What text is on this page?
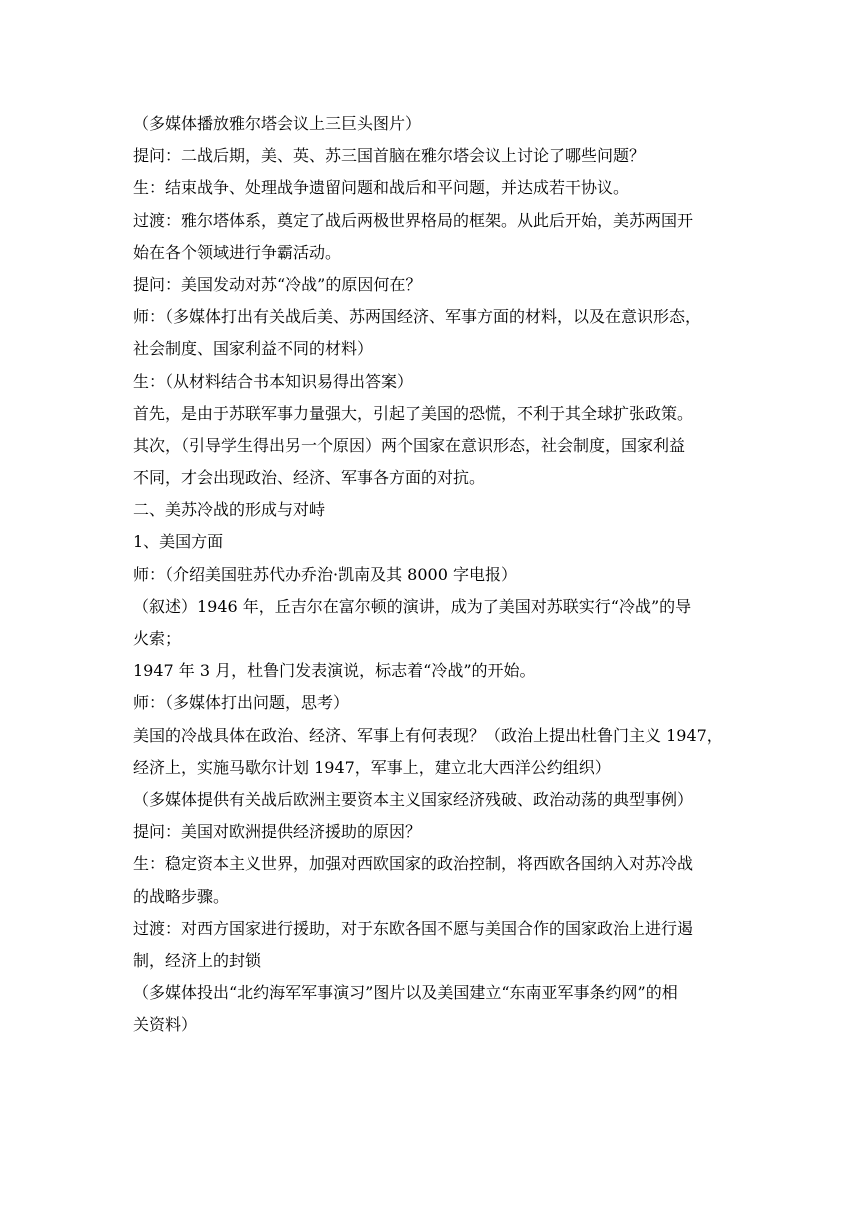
（多媒体播放雅尔塔会议上三巨头图片）
提问：二战后期，美、英、苏三国首脑在雅尔塔会议上讨论了哪些问题？
生：结束战争、处理战争遗留问题和战后和平问题，并达成若干协议。
过渡：雅尔塔体系，奠定了战后两极世界格局的框架。从此后开始，美苏两国开
始在各个领域进行争霸活动。
提问：美国发动对苏“冷战”的原因何在？
师：（多媒体打出有关战后美、苏两国经济、军事方面的材料，以及在意识形态，
社会制度、国家利益不同的材料）
生：（从材料结合书本知识易得出答案）
首先，是由于苏联军事力量强大，引起了美国的恐慌，不利于其全球扩张政策。
其次，（引导学生得出另一个原因）两个国家在意识形态，社会制度，国家利益
不同，才会出现政治、经济、军事各方面的对抗。
二、美苏冷战的形成与对峙
1、美国方面
师：（介绍美国驻苏代办乔治·凯南及其 8000 字电报）
（叙述）1946 年，丘吉尔在富尔顿的演讲，成为了美国对苏联实行“冷战”的导
火索；
1947 年 3 月，杜鲁门发表演说，标志着“冷战”的开始。
师：（多媒体打出问题，思考）
美国的冷战具体在政治、经济、军事上有何表现？（政治上提出杜鲁门主义 1947，
经济上，实施马歇尔计划 1947，军事上，建立北大西洋公约组织）
（多媒体提供有关战后欧洲主要资本主义国家经济残破、政治动荡的典型事例）
提问：美国对欧洲提供经济援助的原因？
生：稳定资本主义世界，加强对西欧国家的政治控制，将西欧各国纳入对苏冷战
的战略步骤。
过渡：对西方国家进行援助，对于东欧各国不愿与美国合作的国家政治上进行遏
制，经济上的封锁
（多媒体投出“北约海军军事演习”图片以及美国建立“东南亚军事条约网”的相
关资料）
